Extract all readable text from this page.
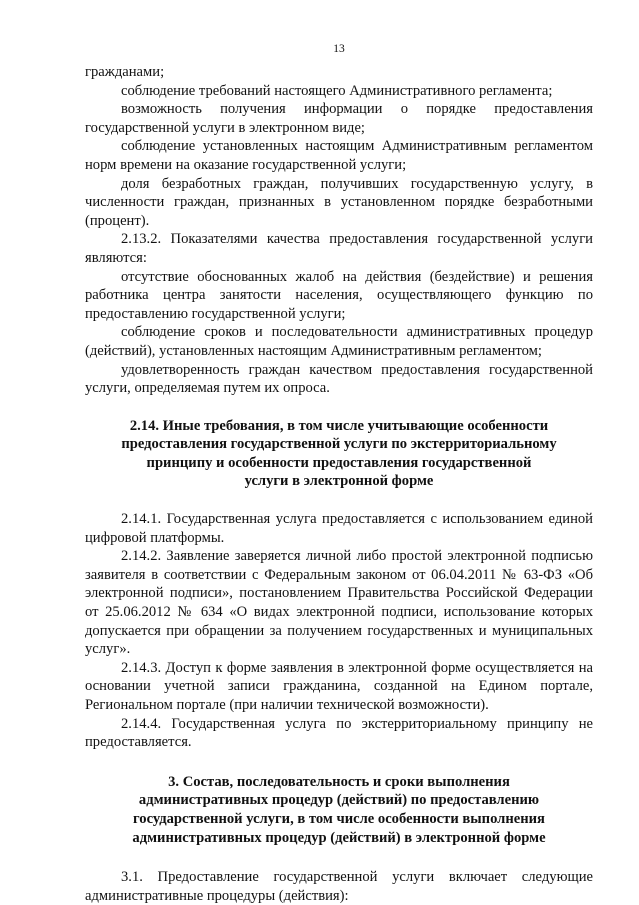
13

гражданами;

соблюдение требований настоящего Административного регламента;

возможность получения информации о порядке предоставления государственной услуги в электронном виде;

соблюдение установленных настоящим Административным регламентом норм времени на оказание государственной услуги;

доля безработных граждан, получивших государственную услугу, в численности граждан, признанных в установленном порядке безработными (процент).

2.13.2. Показателями качества предоставления государственной услуги являются:

отсутствие обоснованных жалоб на действия (бездействие) и решения работника центра занятости населения, осуществляющего функцию по предоставлению государственной услуги;

соблюдение сроков и последовательности административных процедур (действий), установленных настоящим Административным регламентом;

удовлетворенность граждан качеством предоставления государственной услуги, определяемая путем их опроса.

2.14. Иные требования, в том числе учитывающие особенности
предоставления государственной услуги по экстерриториальному
принципу и особенности предоставления государственной
услуги в электронной форме

2.14.1. Государственная услуга предоставляется с использованием единой цифровой платформы.

2.14.2. Заявление заверяется личной либо простой электронной подписью заявителя в соответствии с Федеральным законом от 06.04.2011 № 63-ФЗ «Об электронной подписи», постановлением Правительства Российской Федерации от 25.06.2012 № 634 «О видах электронной подписи, использование которых допускается при обращении за получением государственных и муниципальных услуг».

2.14.3. Доступ к форме заявления в электронной форме осуществляется на основании учетной записи гражданина, созданной на Едином портале, Региональном портале (при наличии технической возможности).

2.14.4. Государственная услуга по экстерриториальному принципу не предоставляется.

3. Состав, последовательность и сроки выполнения
административных процедур (действий) по предоставлению
государственной услуги, в том числе особенности выполнения
административных процедур (действий) в электронной форме

3.1. Предоставление государственной услуги включает следующие административные процедуры (действия):
